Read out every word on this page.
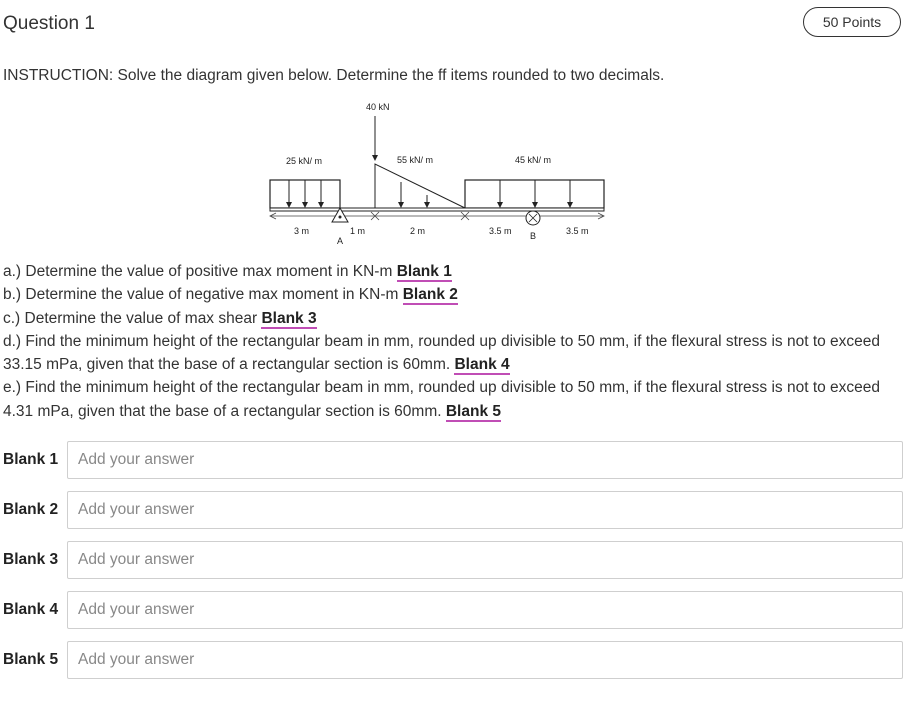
Question 1	50 Points
INSTRUCTION: Solve the diagram given below. Determine the ff items rounded to two decimals.
40 kN
25 kN/ m	55 kN/ m	45 kN/ m
3 m	1 m	2 m	3.5 m	3.5 m
A	B

a.) Determine the value of positive max moment in KN-m Blank 1

b.) Determine the value of negative max moment in KN-m Blank 2

c.) Determine the value of max shear Blank 3

d.) Find the minimum height of the rectangular beam in mm, rounded up divisible to 50 mm, if the flexural stress is not to exceed 33.15 mPa, given that the base of a rectangular section is 60mm. Blank 4

e.) Find the minimum height of the rectangular beam in mm, rounded up divisible to 50 mm, if the flexural stress is not to exceed 4.31 mPa, given that the base of a rectangular section is 60mm. Blank 5

Blank 1
Add your answer
Blank 2
Add your answer
Blank 3
Add your answer
Blank 4
Add your answer
Blank 5
Add your answer
